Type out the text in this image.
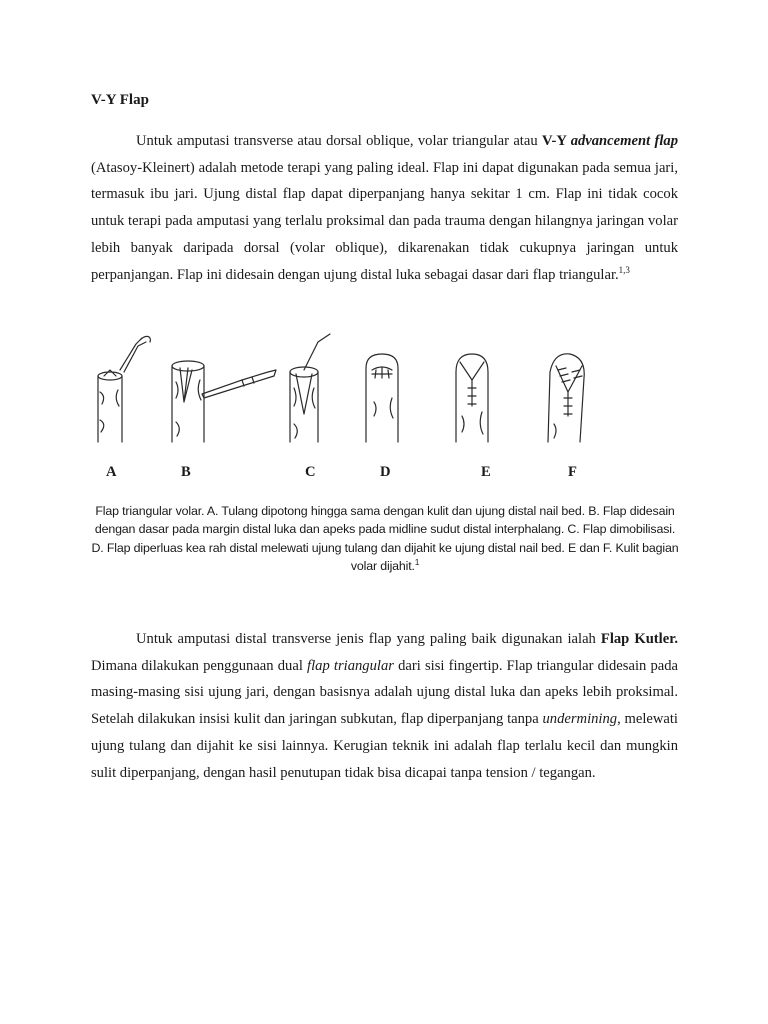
V-Y Flap

Untuk amputasi transverse atau dorsal oblique, volar triangular atau V-Y advancement flap (Atasoy-Kleinert) adalah metode terapi yang paling ideal. Flap ini dapat digunakan pada semua jari, termasuk ibu jari. Ujung distal flap dapat diperpanjang hanya sekitar 1 cm. Flap ini tidak cocok untuk terapi pada amputasi yang terlalu proksimal dan pada trauma dengan hilangnya jaringan volar lebih banyak daripada dorsal (volar oblique), dikarenakan tidak cukupnya jaringan untuk perpanjangan. Flap ini didesain dengan ujung distal luka sebagai dasar dari flap triangular.$^{1,3}$

A	B	C	D	E	F

Flap triangular volar. A. Tulang dipotong hingga sama dengan kulit dan ujung distal nail bed. B. Flap didesain dengan dasar pada margin distal luka dan apeks pada midline sudut distal interphalang. C. Flap dimobilisasi. D. Flap diperluas kea rah distal melewati ujung tulang dan dijahit ke ujung distal nail bed. E dan F. Kulit bagian volar dijahit.$^1$

Untuk amputasi distal transverse jenis flap yang paling baik digunakan ialah Flap Kutler. Dimana dilakukan penggunaan dual flap triangular dari sisi fingertip. Flap triangular didesain pada masing-masing sisi ujung jari, dengan basisnya adalah ujung distal luka dan apeks lebih proksimal. Setelah dilakukan insisi kulit dan jaringan subkutan, flap diperpanjang tanpa undermining, melewati ujung tulang dan dijahit ke sisi lainnya. Kerugian teknik ini adalah flap terlalu kecil dan mungkin sulit diperpanjang, dengan hasil penutupan tidak bisa dicapai tanpa tension / tegangan.
